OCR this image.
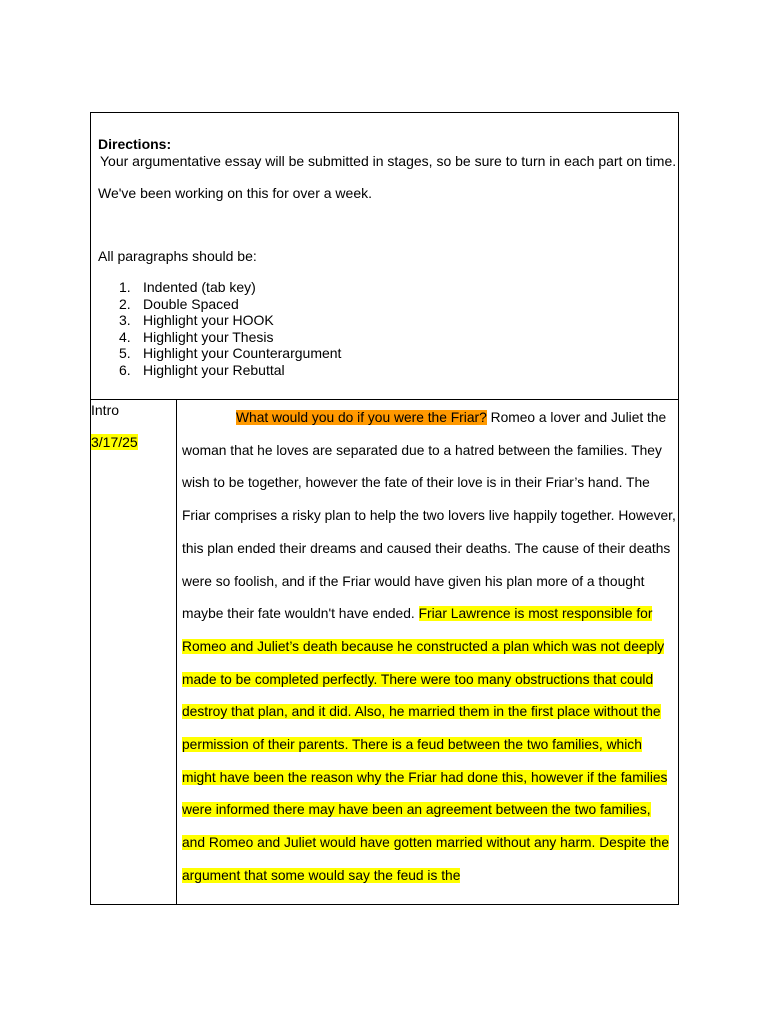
Directions:
Your argumentative essay will be submitted in stages, so be sure to turn in each part on time.
We've been working on this for over a week.
All paragraphs should be:
1. Indented (tab key)
2. Double Spaced
3. Highlight your HOOK
4. Highlight your Thesis
5. Highlight your Counterargument
6. Highlight your Rebuttal
Intro
3/17/25

What would you do if you were the Friar? Romeo a lover and Juliet the woman that he loves are separated due to a hatred between the families. They wish to be together, however the fate of their love is in their Friar’s hand. The Friar comprises a risky plan to help the two lovers live happily together. However, this plan ended their dreams and caused their deaths. The cause of their deaths were so foolish, and if the Friar would have given his plan more of a thought maybe their fate wouldn't have ended. Friar Lawrence is most responsible for Romeo and Juliet’s death because he constructed a plan which was not deeply made to be completed perfectly. There were too many obstructions that could destroy that plan, and it did. Also, he married them in the first place without the permission of their parents. There is a feud between the two families, which might have been the reason why the Friar had done this, however if the families were informed there may have been an agreement between the two families, and Romeo and Juliet would have gotten married without any harm. Despite the argument that some would say the feud is the
